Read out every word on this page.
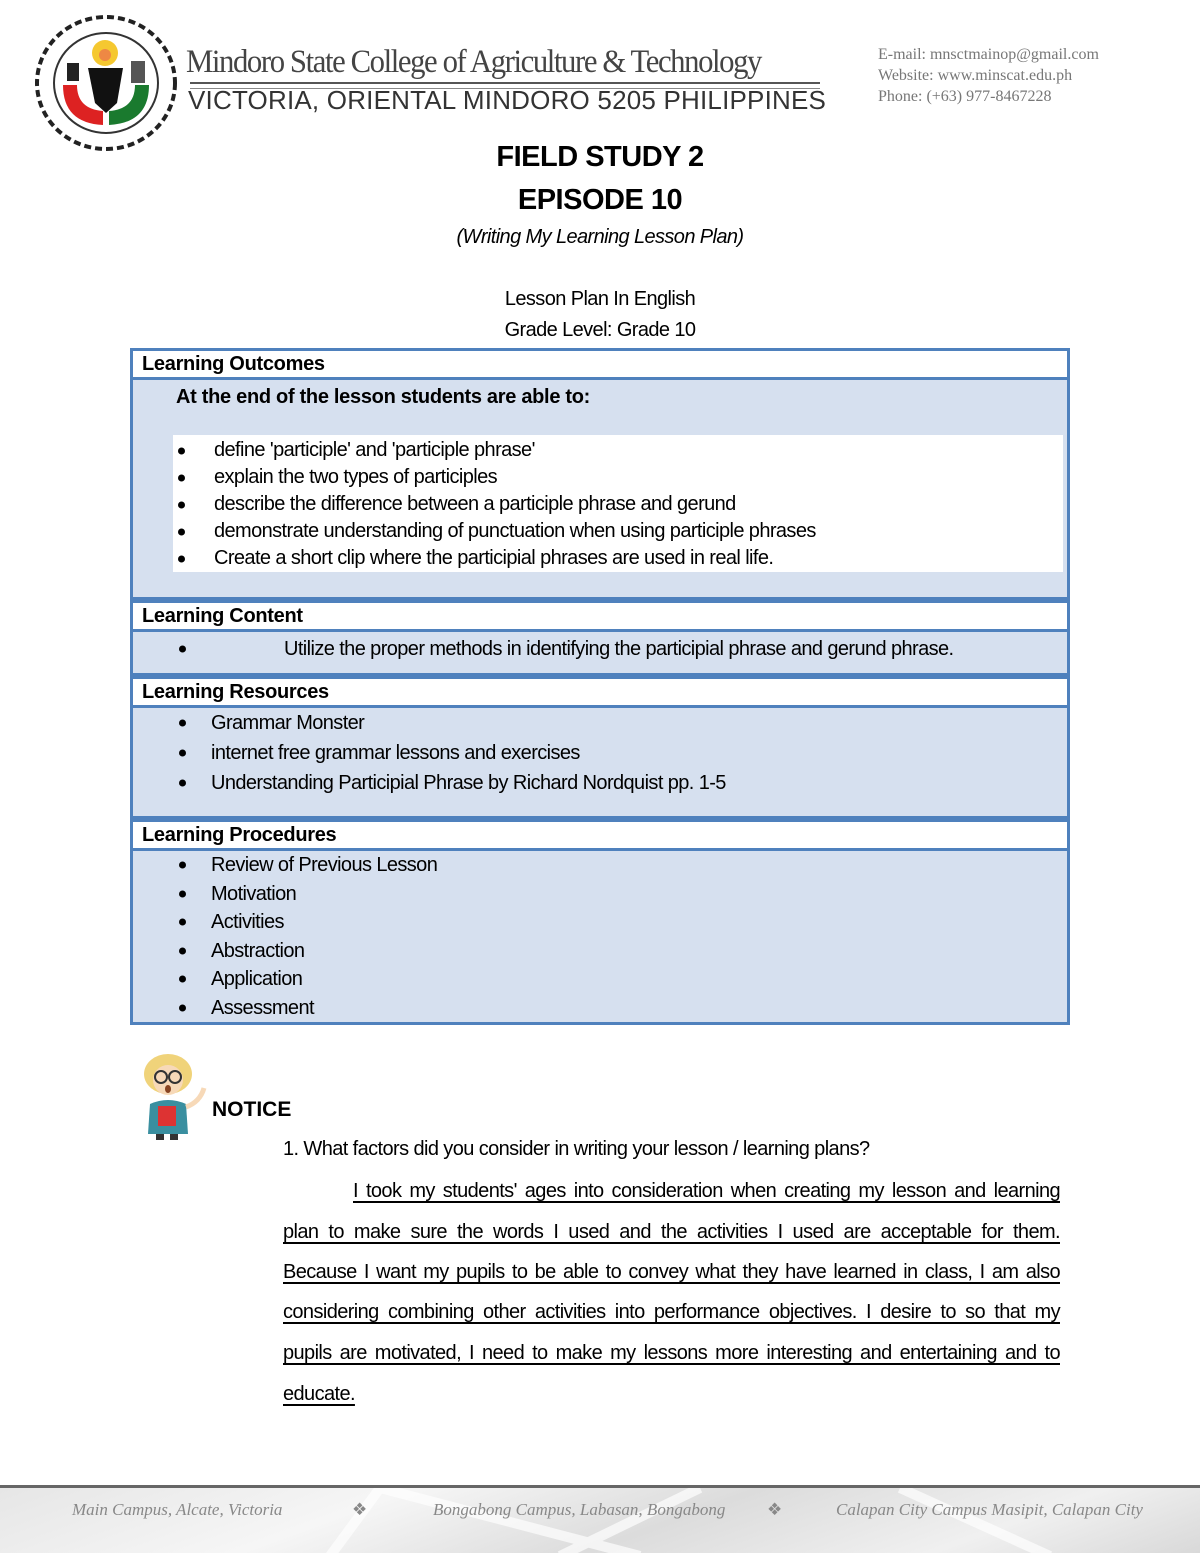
Mindoro State College of Agriculture & Technology
VICTORIA, ORIENTAL MINDORO 5205 PHILIPPINES
E-mail: mnsctmainop@gmail.com
Website: www.minscat.edu.ph
Phone: (+63) 977-8467228
FIELD STUDY 2
EPISODE 10
(Writing My Learning Lesson Plan)
Lesson Plan In English
Grade Level: Grade 10
Learning Outcomes
At the end of the lesson students are able to:
define 'participle' and 'participle phrase'
explain the two types of participles
describe the difference between a participle phrase and gerund
demonstrate understanding of punctuation when using participle phrases
Create a short clip where the participial phrases are used in real life.
Learning Content
Utilize the proper methods in identifying the participial phrase and gerund phrase.
Learning Resources
Grammar Monster
internet free grammar lessons and exercises
Understanding Participial Phrase by Richard Nordquist pp. 1-5
Learning Procedures
Review of Previous Lesson
Motivation
Activities
Abstraction
Application
Assessment
NOTICE
1. What factors did you consider in writing your lesson / learning plans?
I took my students' ages into consideration when creating my lesson and learning
plan to make sure the words I used and the activities I used are acceptable for them.
Because I want my pupils to be able to convey what they have learned in class, I am also
considering combining other activities into performance objectives. I desire to so that my
pupils are motivated, I need to make my lessons more interesting and entertaining and to
educate.
Main Campus, Alcate, Victoria	❖	Bongabong Campus, Labasan, Bongabong ❖	Calapan City Campus Masipit, Calapan City
